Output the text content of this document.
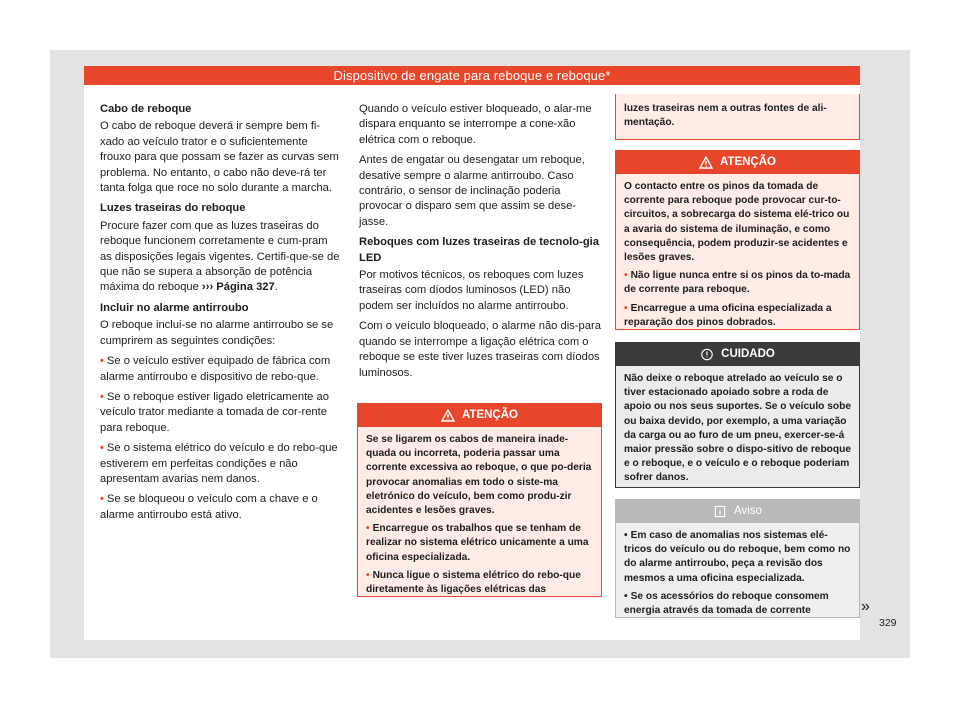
Dispositivo de engate para reboque e reboque*
Cabo de reboque

O cabo de reboque deverá ir sempre bem fi-xado ao veículo trator e o suficientemente frouxo para que possam se fazer as curvas sem problema. No entanto, o cabo não deve-rá ter tanta folga que roce no solo durante a marcha.

Luzes traseiras do reboque

Procure fazer com que as luzes traseiras do reboque funcionem corretamente e cum-pram as disposições legais vigentes. Certifi-que-se de que não se supera a absorção de potência máxima do reboque ››› Página 327.

Incluir no alarme antirroubo

O reboque inclui-se no alarme antirroubo se se cumprirem as seguintes condições:

• Se o veículo estiver equipado de fábrica com alarme antirroubo e dispositivo de rebo-que.

• Se o reboque estiver ligado eletricamente ao veículo trator mediante a tomada de cor-rente para reboque.

• Se o sistema elétrico do veículo e do rebo-que estiverem em perfeitas condições e não apresentam avarias nem danos.

• Se se bloqueou o veículo com a chave e o alarme antirroubo está ativo.

Quando o veículo estiver bloqueado, o alar-me dispara enquanto se interrompe a cone-xão elétrica com o reboque.

Antes de engatar ou desengatar um reboque, desative sempre o alarme antirroubo. Caso contrário, o sensor de inclinação poderia provocar o disparo sem que assim se dese-jasse.

Reboques com luzes traseiras de tecnolo-gia LED

Por motivos técnicos, os reboques com luzes traseiras com díodos luminosos (LED) não podem ser incluídos no alarme antirroubo.

Com o veículo bloqueado, o alarme não dis-para quando se interrompe a ligação elétrica com o reboque se este tiver luzes traseiras com díodos luminosos.

ATENÇÃO

Se se ligarem os cabos de maneira inade-quada ou incorreta, poderia passar uma corrente excessiva ao reboque, o que po-deria provocar anomalias em todo o siste-ma eletrónico do veículo, bem como produ-zir acidentes e lesões graves.

• Encarregue os trabalhos que se tenham de realizar no sistema elétrico unicamente a uma oficina especializada.

• Nunca ligue o sistema elétrico do rebo-que diretamente às ligações elétricas das

luzes traseiras nem a outras fontes de ali-mentação.

ATENÇÃO

O contacto entre os pinos da tomada de corrente para reboque pode provocar cur-to-circuitos, a sobrecarga do sistema elé-trico ou a avaria do sistema de iluminação, e como consequência, podem produzir-se acidentes e lesões graves.

• Não ligue nunca entre si os pinos da to-mada de corrente para reboque.

• Encarregue a uma oficina especializada a reparação dos pinos dobrados.

CUIDADO

Não deixe o reboque atrelado ao veículo se o tiver estacionado apoiado sobre a roda de apoio ou nos seus suportes. Se o veículo sobe ou baixa devido, por exemplo, a uma variação da carga ou ao furo de um pneu, exercer-se-á maior pressão sobre o dispo-sitivo de reboque e o reboque, e o veículo e o reboque poderiam sofrer danos.

Aviso

• Em caso de anomalias nos sistemas elé-tricos do veículo ou do reboque, bem como no do alarme antirroubo, peça a revisão dos mesmos a uma oficina especializada.

• Se os acessórios do reboque consomem energia através da tomada de corrente	»
329
